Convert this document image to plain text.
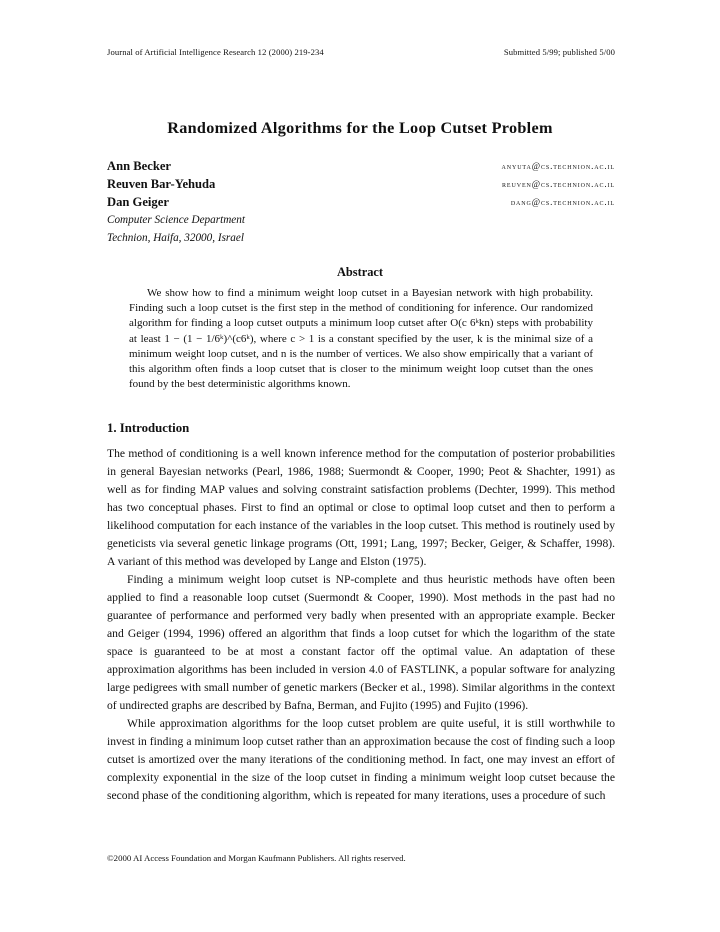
Journal of Artificial Intelligence Research 12 (2000) 219-234	Submitted 5/99; published 5/00
Randomized Algorithms for the Loop Cutset Problem
Ann Becker	anyuta@cs.technion.ac.il
Reuven Bar-Yehuda	reuven@cs.technion.ac.il
Dan Geiger	dang@cs.technion.ac.il
Computer Science Department
Technion, Haifa, 32000, Israel
Abstract

We show how to find a minimum weight loop cutset in a Bayesian network with high probability. Finding such a loop cutset is the first step in the method of conditioning for inference. Our randomized algorithm for finding a loop cutset outputs a minimum loop cutset after O(c 6ᵏkn) steps with probability at least 1 − (1 − 1/6ᵏ)^(c6ᵏ), where c > 1 is a constant specified by the user, k is the minimal size of a minimum weight loop cutset, and n is the number of vertices. We also show empirically that a variant of this algorithm often finds a loop cutset that is closer to the minimum weight loop cutset than the ones found by the best deterministic algorithms known.

1. Introduction

The method of conditioning is a well known inference method for the computation of posterior probabilities in general Bayesian networks (Pearl, 1986, 1988; Suermondt & Cooper, 1990; Peot & Shachter, 1991) as well as for finding MAP values and solving constraint satisfaction problems (Dechter, 1999). This method has two conceptual phases. First to find an optimal or close to optimal loop cutset and then to perform a likelihood computation for each instance of the variables in the loop cutset. This method is routinely used by geneticists via several genetic linkage programs (Ott, 1991; Lang, 1997; Becker, Geiger, & Schaffer, 1998). A variant of this method was developed by Lange and Elston (1975).

Finding a minimum weight loop cutset is NP-complete and thus heuristic methods have often been applied to find a reasonable loop cutset (Suermondt & Cooper, 1990). Most methods in the past had no guarantee of performance and performed very badly when presented with an appropriate example. Becker and Geiger (1994, 1996) offered an algorithm that finds a loop cutset for which the logarithm of the state space is guaranteed to be at most a constant factor off the optimal value. An adaptation of these approximation algorithms has been included in version 4.0 of FASTLINK, a popular software for analyzing large pedigrees with small number of genetic markers (Becker et al., 1998). Similar algorithms in the context of undirected graphs are described by Bafna, Berman, and Fujito (1995) and Fujito (1996).

While approximation algorithms for the loop cutset problem are quite useful, it is still worthwhile to invest in finding a minimum loop cutset rather than an approximation because the cost of finding such a loop cutset is amortized over the many iterations of the conditioning method. In fact, one may invest an effort of complexity exponential in the size of the loop cutset in finding a minimum weight loop cutset because the second phase of the conditioning algorithm, which is repeated for many iterations, uses a procedure of such

©2000 AI Access Foundation and Morgan Kaufmann Publishers. All rights reserved.
